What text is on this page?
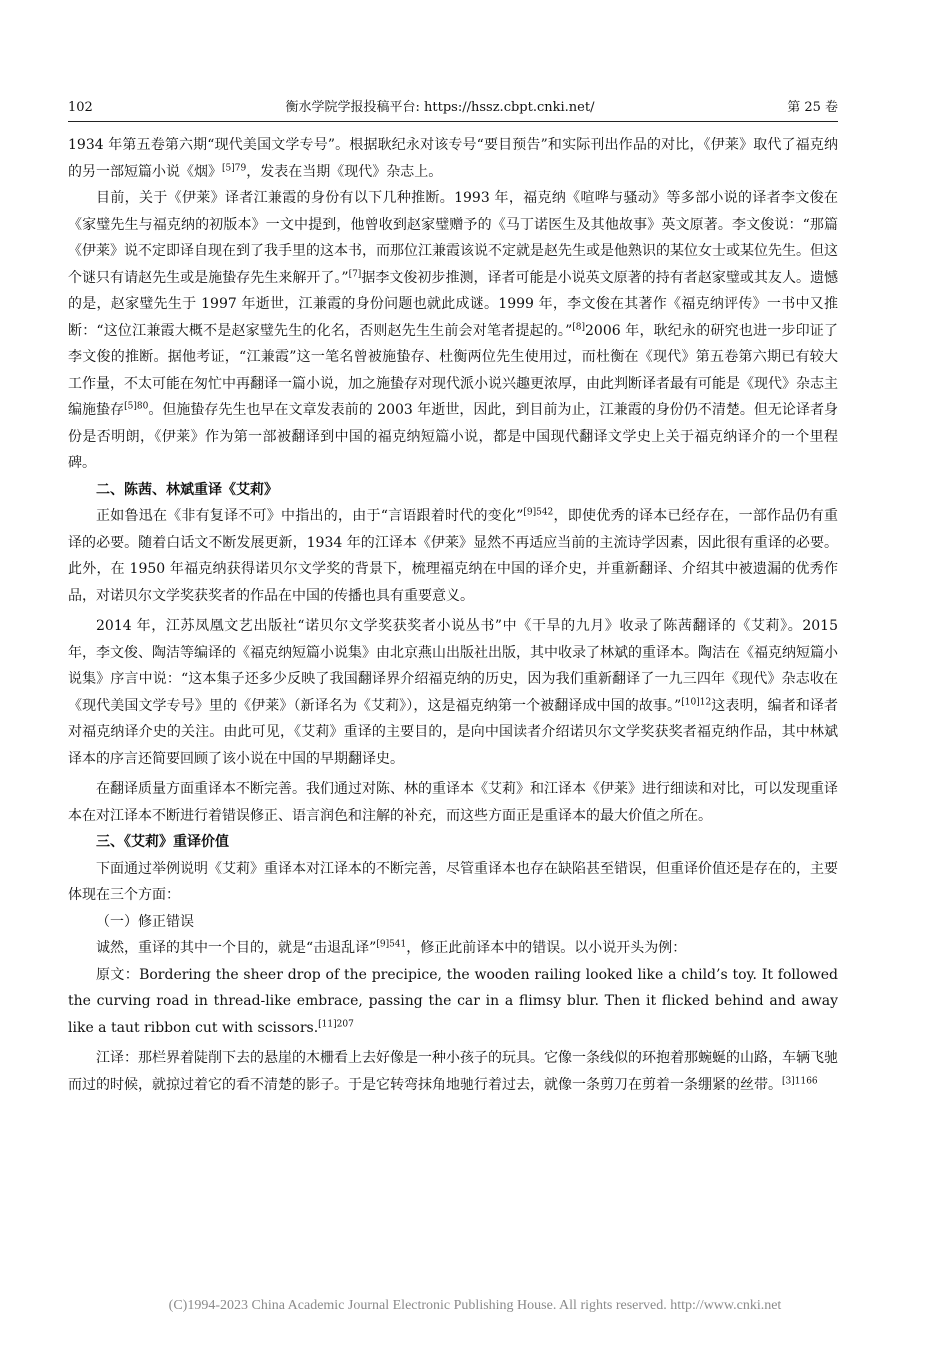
102	衡水学院学报投稿平台: https://hssz.cbpt.cnki.net/	第 25 卷

1934 年第五卷第六期“现代美国文学专号”。根据耿纪永对该专号“要目预告”和实际刊出作品的对比，《伊莱》取代了福克纳的另一部短篇小说《烟》$^{[5]79}$，发表在当期《现代》杂志上。

目前，关于《伊莱》译者江兼霞的身份有以下几种推断。1993 年，福克纳《喧哗与骚动》等多部小说的译者李文俊在《家璧先生与福克纳的初版本》一文中提到，他曾收到赵家璧赠予的《马丁诺医生及其他故事》英文原著。李文俊说：“那篇《伊莱》说不定即译自现在到了我手里的这本书，而那位江兼霞该说不定就是赵先生或是他熟识的某位女士或某位先生。但这个谜只有请赵先生或是施蛰存先生来解开了。”[7]据李文俊初步推测，译者可能是小说英文原著的持有者赵家璧或其友人。遗憾的是，赵家璧先生于 1997 年逝世，江兼霞的身份问题也就此成谜。1999 年，李文俊在其著作《福克纳评传》一书中又推断：“这位江兼霞大概不是赵家璧先生的化名，否则赵先生生前会对笔者提起的。”[8]2006 年，耿纪永的研究也进一步印证了李文俊的推断。据他考证，“江兼霞”这一笔名曾被施蛰存、杜衡两位先生使用过，而杜衡在《现代》第五卷第六期已有较大工作量，不太可能在匆忙中再翻译一篇小说，加之施蛰存对现代派小说兴趣更浓厚，由此判断译者最有可能是《现代》杂志主编施蛰存$^{[5]80}$。但施蛰存先生也早在文章发表前的 2003 年逝世，因此，到目前为止，江兼霞的身份仍不清楚。但无论译者身份是否明朗，《伊莱》作为第一部被翻译到中国的福克纳短篇小说，都是中国现代翻译文学史上关于福克纳译介的一个里程碑。

二、陈茜、林斌重译《艾莉》

正如鲁迅在《非有复译不可》中指出的，由于“言语跟着时代的变化”$^{[9]542}$，即使优秀的译本已经存在，一部作品仍有重译的必要。随着白话文不断发展更新，1934 年的江译本《伊莱》显然不再适应当前的主流诗学因素，因此很有重译的必要。此外，在 1950 年福克纳获得诺贝尔文学奖的背景下，梳理福克纳在中国的译介史，并重新翻译、介绍其中被遗漏的优秀作品，对诺贝尔文学奖获奖者的作品在中国的传播也具有重要意义。

2014 年，江苏凤凰文艺出版社“诺贝尔文学奖获奖者小说丛书”中《干旱的九月》收录了陈茜翻译的《艾莉》。2015 年，李文俊、陶洁等编译的《福克纳短篇小说集》由北京燕山出版社出版，其中收录了林斌的重译本。陶洁在《福克纳短篇小说集》序言中说：“这本集子还多少反映了我国翻译界介绍福克纳的历史，因为我们重新翻译了一九三四年《现代》杂志收在《现代美国文学专号》里的《伊莱》（新译名为《艾莉》），这是福克纳第一个被翻译成中国的故事。”$^{[10]12}$这表明，编者和译者对福克纳译介史的关注。由此可见，《艾莉》重译的主要目的，是向中国读者介绍诺贝尔文学奖获奖者福克纳作品，其中林斌译本的序言还简要回顾了该小说在中国的早期翻译史。

在翻译质量方面重译本不断完善。我们通过对陈、林的重译本《艾莉》和江译本《伊莱》进行细读和对比，可以发现重译本在对江译本不断进行着错误修正、语言润色和注解的补充，而这些方面正是重译本的最大价值之所在。

三、《艾莉》重译价值

下面通过举例说明《艾莉》重译本对江译本的不断完善，尽管重译本也存在缺陷甚至错误，但重译价值还是存在的，主要体现在三个方面：

（一）修正错误

诚然，重译的其中一个目的，就是“击退乱译”$^{[9]541}$，修正此前译本中的错误。以小说开头为例：

原文：Bordering the sheer drop of the precipice, the wooden railing looked like a child’s toy. It followed the curving road in thread-like embrace, passing the car in a flimsy blur. Then it flicked behind and away like a taut ribbon cut with scissors.$^{[11]207}$

江译：那栏界着陡削下去的悬崖的木栅看上去好像是一种小孩子的玩具。它像一条线似的环抱着那蜿蜒的山路，车辆飞驰而过的时候，就掠过着它的看不清楚的影子。于是它转弯抹角地驰行着过去，就像一条剪刀在剪着一条绷紧的丝带。$^{[3]1166}$

(C)1994-2023 China Academic Journal Electronic Publishing House. All rights reserved. http://www.cnki.net
